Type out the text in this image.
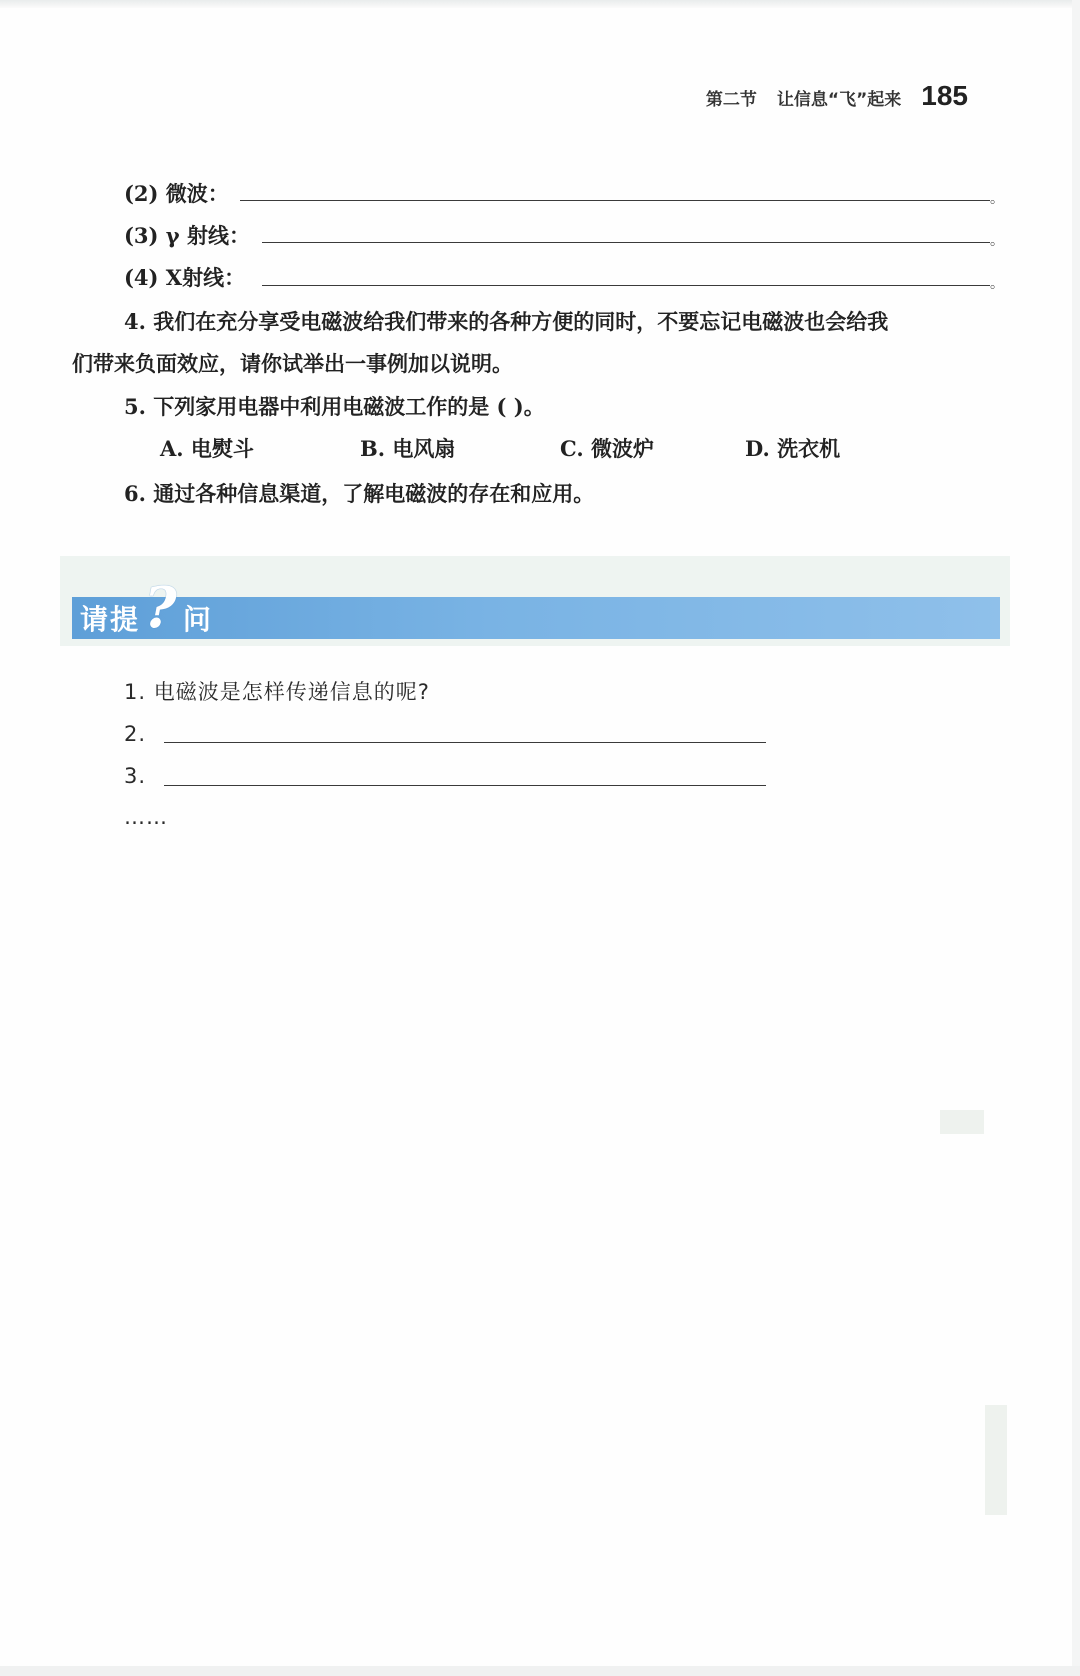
第二节 让信息“飞”起来 185
(2) 微波：	。
(3) γ 射线：	。
(4) X射线：	。
4. 我们在充分享受电磁波给我们带来的各种方便的同时，不要忘记电磁波也会给我
们带来负面效应，请你试举出一事例加以说明。
5. 下列家用电器中利用电磁波工作的是 ( )。
A. 电熨斗	B. 电风扇	C. 微波炉	D. 洗衣机
6. 通过各种信息渠道，了解电磁波的存在和应用。
请提 ? 问
1. 电磁波是怎样传递信息的呢?
2.
3.
……
